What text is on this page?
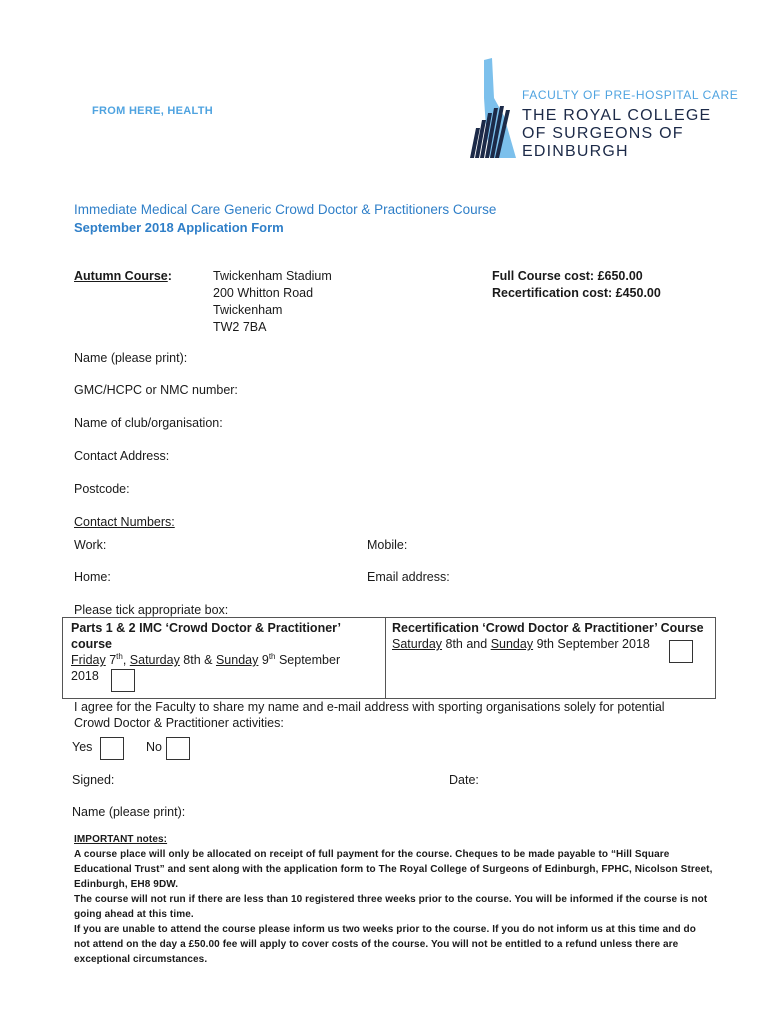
FROM HERE, HEALTH
FACULTY OF PRE-HOSPITAL CARE
THE ROYAL COLLEGE
OF SURGEONS OF
EDINBURGH
Immediate Medical Care Generic Crowd Doctor & Practitioners Course
September 2018 Application Form
Autumn Course:	Twickenham Stadium
200 Whitton Road
Twickenham
TW2 7BA
Full Course cost: £650.00
Recertification cost: £450.00
Name (please print):
GMC/HCPC or NMC number:
Name of club/organisation:
Contact Address:
Postcode:
Contact Numbers:
Work:	Mobile:
Home:	Email address:
Please tick appropriate box:
Parts 1 & 2 IMC ‘Crowd Doctor & Practitioner’
course
Friday 7th, Saturday 8th & Sunday 9th September
2018
Recertification ‘Crowd Doctor & Practitioner’ Course
Saturday 8th and Sunday 9th September 2018
I agree for the Faculty to share my name and e-mail address with sporting organisations solely for potential
Crowd Doctor & Practitioner activities:
Yes	No
Signed:	Date:
Name (please print):
IMPORTANT notes:
A course place will only be allocated on receipt of full payment for the course. Cheques to be made payable to “Hill Square Educational Trust” and sent along with the application form to The Royal College of Surgeons of Edinburgh, FPHC, Nicolson Street, Edinburgh, EH8 9DW.
The course will not run if there are less than 10 registered three weeks prior to the course. You will be informed if the course is not going ahead at this time.
If you are unable to attend the course please inform us two weeks prior to the course. If you do not inform us at this time and do not attend on the day a £50.00 fee will apply to cover costs of the course. You will not be entitled to a refund unless there are exceptional circumstances.
